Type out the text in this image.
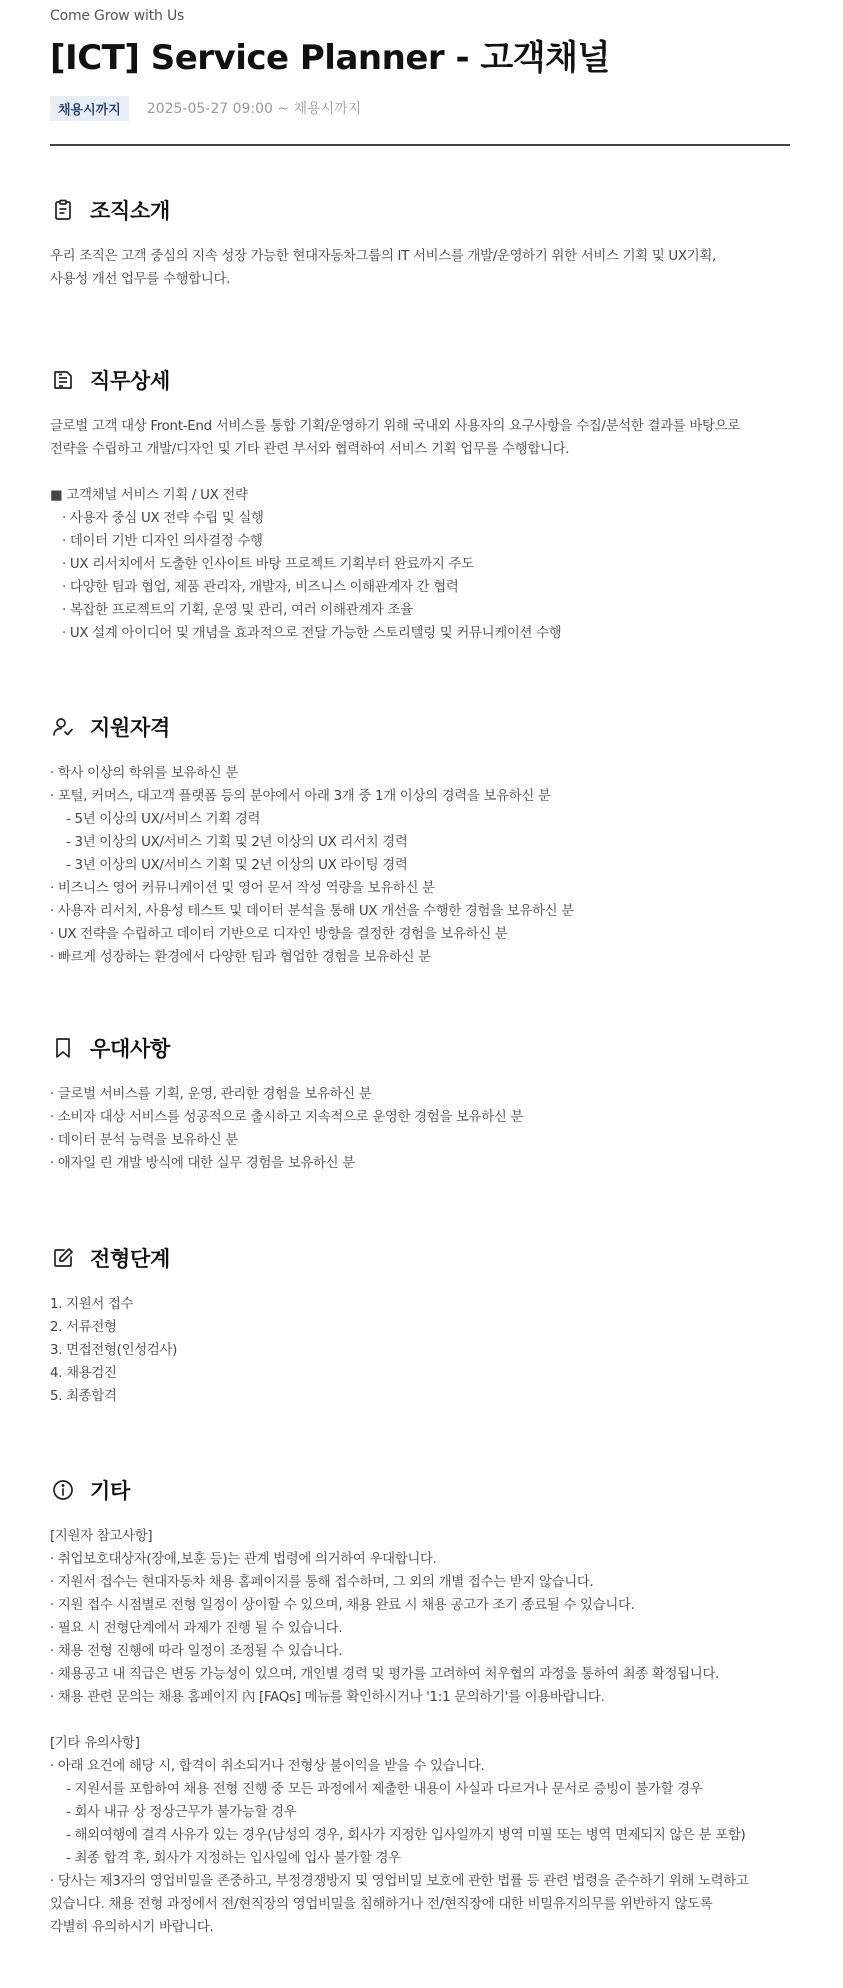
Come Grow with Us
[ICT] Service Planner - 고객채널
채용시까지	2025-05-27 09:00 ~ 채용시까지
조직소개
우리 조직은 고객 중심의 지속 성장 가능한 현대자동차그룹의 IT 서비스를 개발/운영하기 위한 서비스 기획 및 UX기획,
사용성 개선 업무를 수행합니다.
직무상세
글로벌 고객 대상 Front-End 서비스를 통합 기획/운영하기 위해 국내외 사용자의 요구사항을 수집/분석한 결과를 바탕으로
전략을 수립하고 개발/디자인 및 기타 관련 부서와 협력하여 서비스 기획 업무를 수행합니다.
■ 고객채널 서비스 기획 / UX 전략
· 사용자 중심 UX 전략 수립 및 실행
· 데이터 기반 디자인 의사결정 수행
· UX 리서치에서 도출한 인사이트 바탕 프로젝트 기획부터 완료까지 주도
· 다양한 팀과 협업, 제품 관리자, 개발자, 비즈니스 이해관계자 간 협력
· 복잡한 프로젝트의 기획, 운영 및 관리, 여러 이해관계자 조율
· UX 설계 아이디어 및 개념을 효과적으로 전달 가능한 스토리텔링 및 커뮤니케이션 수행
지원자격
· 학사 이상의 학위를 보유하신 분
· 포털, 커머스, 대고객 플랫폼 등의 분야에서 아래 3개 중 1개 이상의 경력을 보유하신 분
- 5년 이상의 UX/서비스 기획 경력
- 3년 이상의 UX/서비스 기획 및 2년 이상의 UX 리서치 경력
- 3년 이상의 UX/서비스 기획 및 2년 이상의 UX 라이팅 경력
· 비즈니스 영어 커뮤니케이션 및 영어 문서 작성 역량을 보유하신 분
· 사용자 리서치, 사용성 테스트 및 데이터 분석을 통해 UX 개선을 수행한 경험을 보유하신 분
· UX 전략을 수립하고 데이터 기반으로 디자인 방향을 결정한 경험을 보유하신 분
· 빠르게 성장하는 환경에서 다양한 팀과 협업한 경험을 보유하신 분
우대사항
· 글로벌 서비스를 기획, 운영, 관리한 경험을 보유하신 분
· 소비자 대상 서비스를 성공적으로 출시하고 지속적으로 운영한 경험을 보유하신 분
· 데이터 분석 능력을 보유하신 분
· 애자일 린 개발 방식에 대한 실무 경험을 보유하신 분
전형단계
1. 지원서 접수
2. 서류전형
3. 면접전형(인성검사)
4. 채용검진
5. 최종합격
기타
[지원자 참고사항]
· 취업보호대상자(장애,보훈 등)는 관계 법령에 의거하여 우대합니다.
· 지원서 접수는 현대자동차 채용 홈페이지를 통해 접수하며, 그 외의 개별 접수는 받지 않습니다.
· 지원 접수 시점별로 전형 일정이 상이할 수 있으며, 채용 완료 시 채용 공고가 조기 종료될 수 있습니다.
· 필요 시 전형단계에서 과제가 진행 될 수 있습니다.
· 채용 전형 진행에 따라 일정이 조정될 수 있습니다.
· 채용공고 내 직급은 변동 가능성이 있으며, 개인별 경력 및 평가를 고려하여 처우협의 과정을 통하여 최종 확정됩니다.
· 채용 관련 문의는 채용 홈페이지 內 [FAQs] 메뉴를 확인하시거나 '1:1 문의하기'를 이용바랍니다.
[기타 유의사항]
· 아래 요건에 해당 시, 합격이 취소되거나 전형상 불이익을 받을 수 있습니다.
- 지원서를 포함하여 채용 전형 진행 중 모든 과정에서 제출한 내용이 사실과 다르거나 문서로 증빙이 불가할 경우
- 회사 내규 상 정상근무가 불가능할 경우
- 해외여행에 결격 사유가 있는 경우(남성의 경우, 회사가 지정한 입사일까지 병역 미필 또는 병역 면제되지 않은 분 포함)
- 최종 합격 후, 회사가 지정하는 입사일에 입사 불가할 경우
· 당사는 제3자의 영업비밀을 존중하고, 부정경쟁방지 및 영업비밀 보호에 관한 법률 등 관련 법령을 준수하기 위해 노력하고
있습니다. 채용 전형 과정에서 전/현직장의 영업비밀을 침해하거나 전/현직장에 대한 비밀유지의무를 위반하지 않도록
각별히 유의하시기 바랍니다.
